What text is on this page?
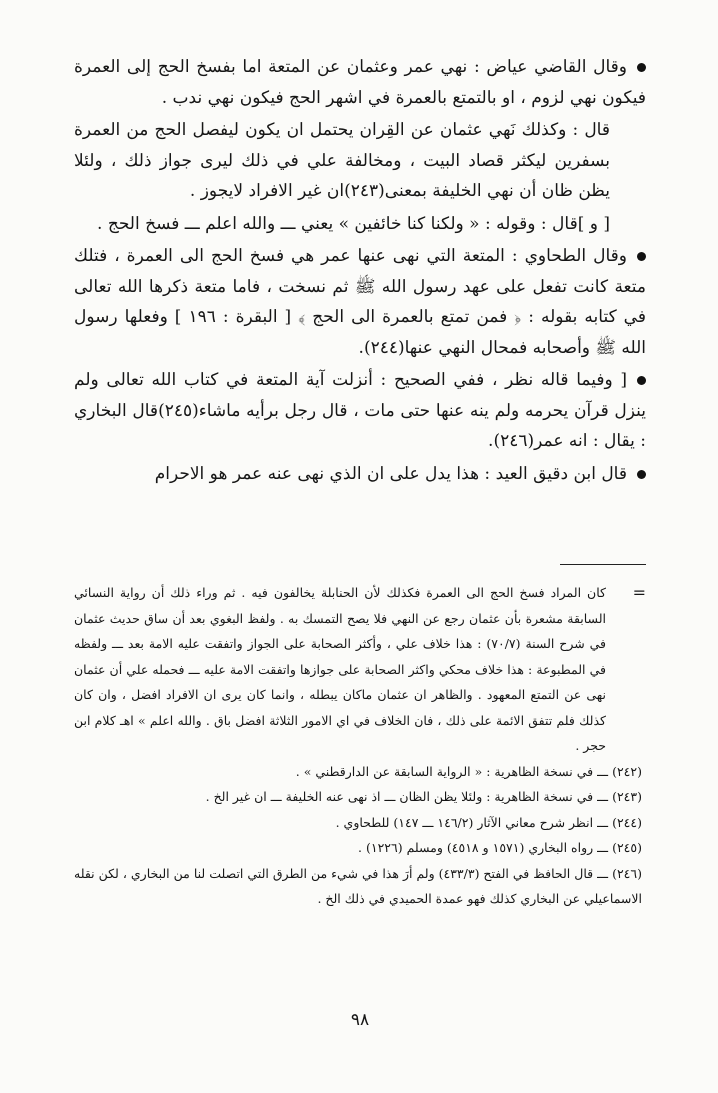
وقال القاضي عياض : نهي عمر وعثمان عن المتعة اما بفسخ الحج إلى العمرة فيكون نهي لزوم ، او بالتمتع بالعمرة في اشهر الحج فيكون نهي ندب .

قال : وكذلك نَهي عثمان عن القِران يحتمل ان يكون ليفصل الحج من العمرة بسفرين ليكثر قصاد البيت ، ومخالفة علي في ذلك ليرى جواز ذلك ، ولئلا يظن ظان أن نهي الخليفة بمعنى(٢٤٣)ان غير الافراد لايجوز .

[ و ]قال : وقوله : « ولكنا كنا خائفين » يعني ـــ والله اعلم ـــ فسخ الحج .

وقال الطحاوي : المتعة التي نهى عنها عمر هي فسخ الحج الى العمرة ، فتلك متعة كانت تفعل على عهد رسول الله ﷺ ثم نسخت ، فاما متعة ذكرها الله تعالى في كتابه بقوله : ﴿ فمن تمتع بالعمرة الى الحج ﴾ [ البقرة : ١٩٦ ] وفعلها رسول الله ﷺ وأصحابه فمحال النهي عنها(٢٤٤).

[ وفيما قاله نظر ، ففي الصحيح : أنزلت آية المتعة في كتاب الله تعالى ولم ينزل قرآن يحرمه ولم ينه عنها حتى مات ، قال رجل برأيه ماشاء(٢٤٥)قال البخاري : يقال : انه عمر(٢٤٦).

قال ابن دقيق العيد : هذا يدل على ان الذي نهى عنه عمر هو الاحرام

=
كان المراد فسخ الحج الى العمرة فكذلك لأن الحنابلة يخالفون فيه . ثم وراء ذلك أن رواية النسائي السابقة مشعرة بأن عثمان رجع عن النهي فلا يصح التمسك به . ولفظ البغوي بعد أن ساق حديث عثمان في شرح السنة (٧٠/٧) : هذا خلاف علي ، وأكثر الصحابة على الجواز واتفقت عليه الامة بعد ـــ ولفظه في المطبوعة : هذا خلاف محكي واكثر الصحابة على جوازها واتفقت الامة عليه ـــ فحمله علي أن عثمان نهى عن التمتع المعهود . والظاهر ان عثمان ماكان يبطله ، وانما كان يرى ان الافراد افضل ، وان كان كذلك فلم تتفق الائمة على ذلك ، فان الخلاف في اي الامور الثلاثة افضل باق . والله اعلم » اهـ كلام ابن حجر .

(٢٤٢) ـــ في نسخة الظاهرية : « الرواية السابقة عن الدارقطني » .

(٢٤٣) ـــ في نسخة الظاهرية : ولئلا يظن الظان ـــ اذ نهى عنه الخليفة ـــ ان غير الخ .

(٢٤٤) ـــ انظر شرح معاني الآثار (١٤٦/٢ ـــ ١٤٧) للطحاوي .

(٢٤٥) ـــ رواه البخاري (١٥٧١ و ٤٥١٨) ومسلم (١٢٢٦) .

(٢٤٦) ـــ قال الحافظ في الفتح (٤٣٣/٣) ولم أرَ هذا في شيء من الطرق التي اتصلت لنا من البخاري ، لكن نقله الاسماعيلي عن البخاري كذلك فهو عمدة الحميدي في ذلك الخ .

٩٨
